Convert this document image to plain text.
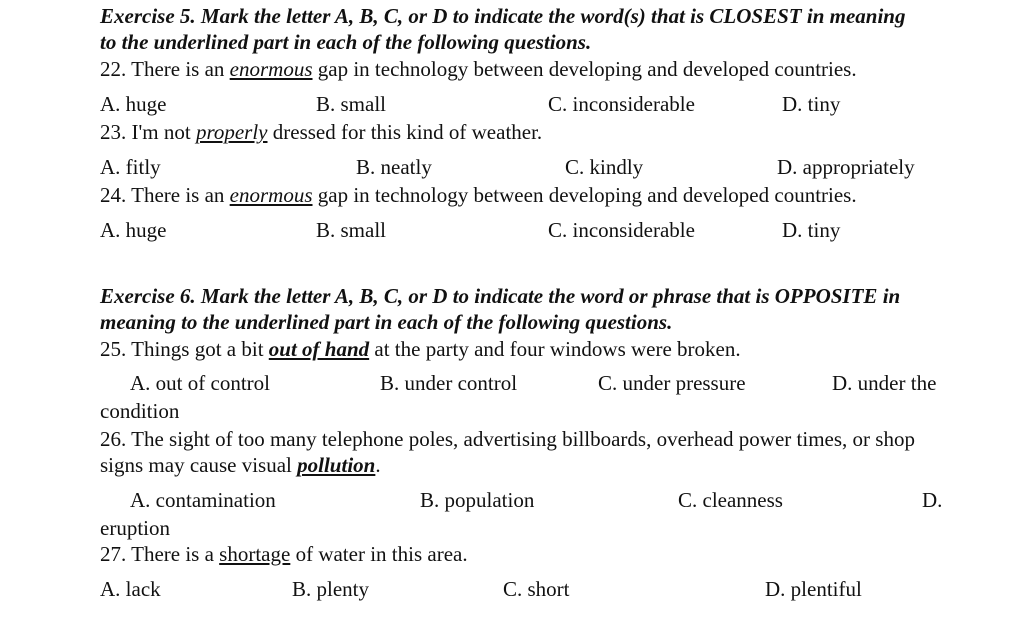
Exercise 5. Mark the letter A, B, C, or D to indicate the word(s) that is CLOSEST in meaning
to the underlined part in each of the following questions.
22. There is an enormous gap in technology between developing and developed countries.
A. huge	B. small	C. inconsiderable	D. tiny
23. I'm not properly dressed for this kind of weather.
A. fitly	B. neatly	C. kindly	D. appropriately
24. There is an enormous gap in technology between developing and developed countries.
A. huge	B. small	C. inconsiderable	D. tiny
Exercise 6. Mark the letter A, B, C, or D to indicate the word or phrase that is OPPOSITE in
meaning to the underlined part in each of the following questions.
25. Things got a bit out of hand at the party and four windows were broken.
A. out of control	B. under control	C. under pressure	D. under the
condition
26. The sight of too many telephone poles, advertising billboards, overhead power times, or shop
signs may cause visual pollution.
A. contamination	B. population	C. cleanness	D.
eruption
27. There is a shortage of water in this area.
A. lack	B. plenty	C. short	D. plentiful
